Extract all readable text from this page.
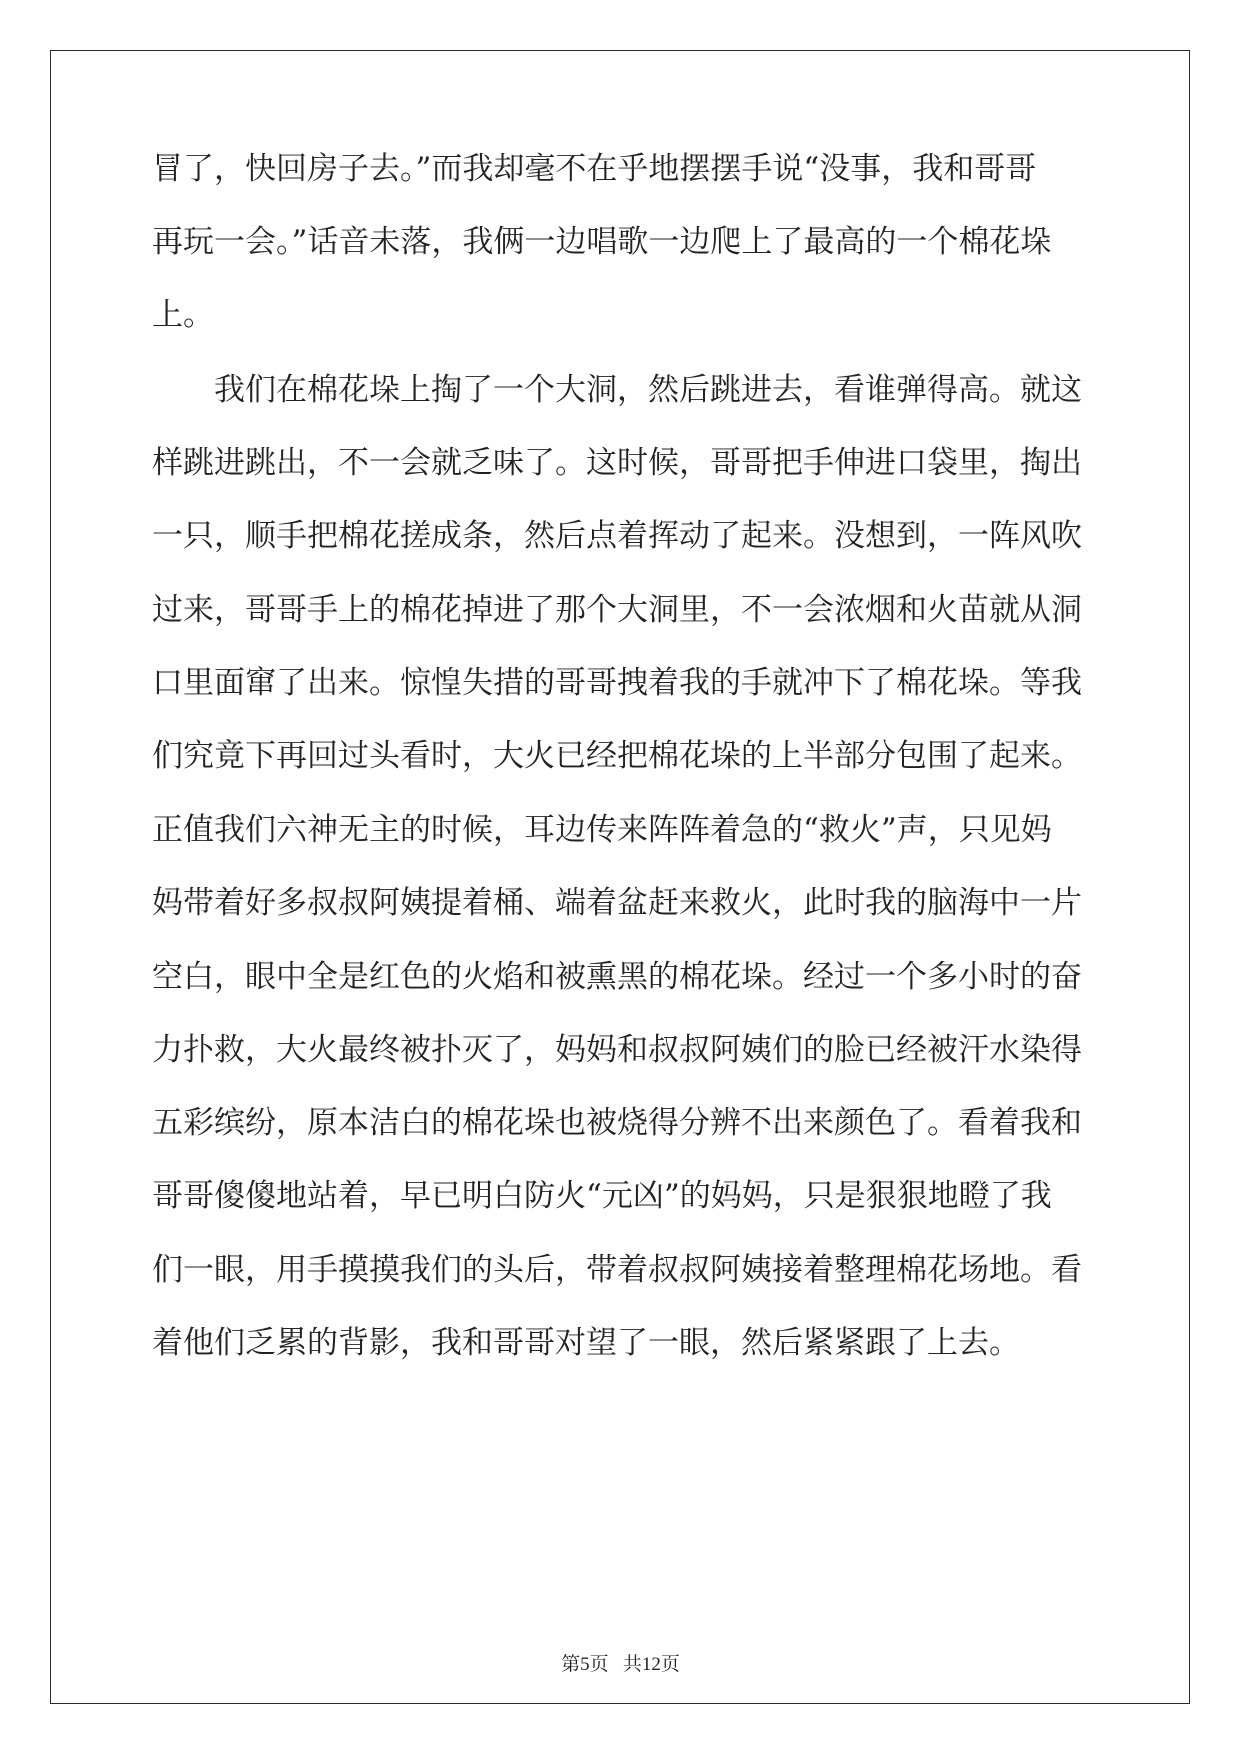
冒了，快回房子去。”而我却毫不在乎地摆摆手说“没事，我和哥哥

再玩一会。”话音未落，我俩一边唱歌一边爬上了最高的一个棉花垛

上。

　　我们在棉花垛上掏了一个大洞，然后跳进去，看谁弹得高。就这

样跳进跳出，不一会就乏味了。这时候，哥哥把手伸进口袋里，掏出

一只，顺手把棉花搓成条，然后点着挥动了起来。没想到，一阵风吹

过来，哥哥手上的棉花掉进了那个大洞里，不一会浓烟和火苗就从洞

口里面窜了出来。惊惶失措的哥哥拽着我的手就冲下了棉花垛。等我

们究竟下再回过头看时，大火已经把棉花垛的上半部分包围了起来。

正值我们六神无主的时候，耳边传来阵阵着急的“救火”声，只见妈

妈带着好多叔叔阿姨提着桶、端着盆赶来救火，此时我的脑海中一片

空白，眼中全是红色的火焰和被熏黑的棉花垛。经过一个多小时的奋

力扑救，大火最终被扑灭了，妈妈和叔叔阿姨们的脸已经被汗水染得

五彩缤纷，原本洁白的棉花垛也被烧得分辨不出来颜色了。看着我和

哥哥傻傻地站着，早已明白防火“元凶”的妈妈，只是狠狠地瞪了我

们一眼，用手摸摸我们的头后，带着叔叔阿姨接着整理棉花场地。看

着他们乏累的背影，我和哥哥对望了一眼，然后紧紧跟了上去。

第5页 共12页
